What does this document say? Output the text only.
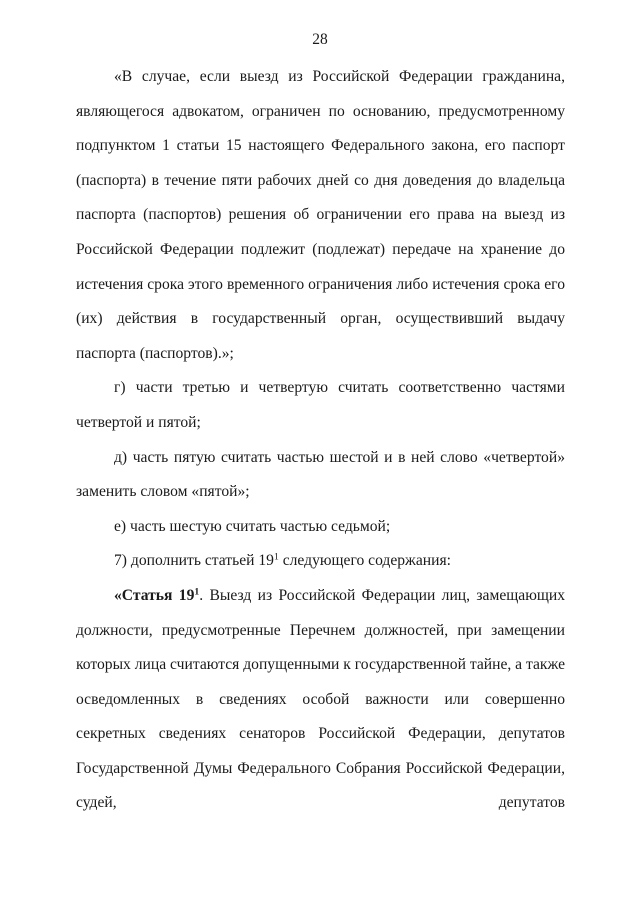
28

«В случае, если выезд из Российской Федерации гражданина, являющегося адвокатом, ограничен по основанию, предусмотренному подпунктом 1 статьи 15 настоящего Федерального закона, его паспорт (паспорта) в течение пяти рабочих дней со дня доведения до владельца паспорта (паспортов) решения об ограничении его права на выезд из Российской Федерации подлежит (подлежат) передаче на хранение до истечения срока этого временного ограничения либо истечения срока его (их) действия в государственный орган, осуществивший выдачу паспорта (паспортов).»;

г) части третью и четвертую считать соответственно частями четвертой и пятой;

д) часть пятую считать частью шестой и в ней слово «четвертой» заменить словом «пятой»;

е) часть шестую считать частью седьмой;

7) дополнить статьей $19^1$ следующего содержания:

«Статья $19^1$. Выезд из Российской Федерации лиц, замещающих должности, предусмотренные Перечнем должностей, при замещении которых лица считаются допущенными к государственной тайне, а также осведомленных в сведениях особой важности или совершенно секретных сведениях сенаторов Российской Федерации, депутатов Государственной Думы Федерального Собрания Российской Федерации, судей, депутатов
